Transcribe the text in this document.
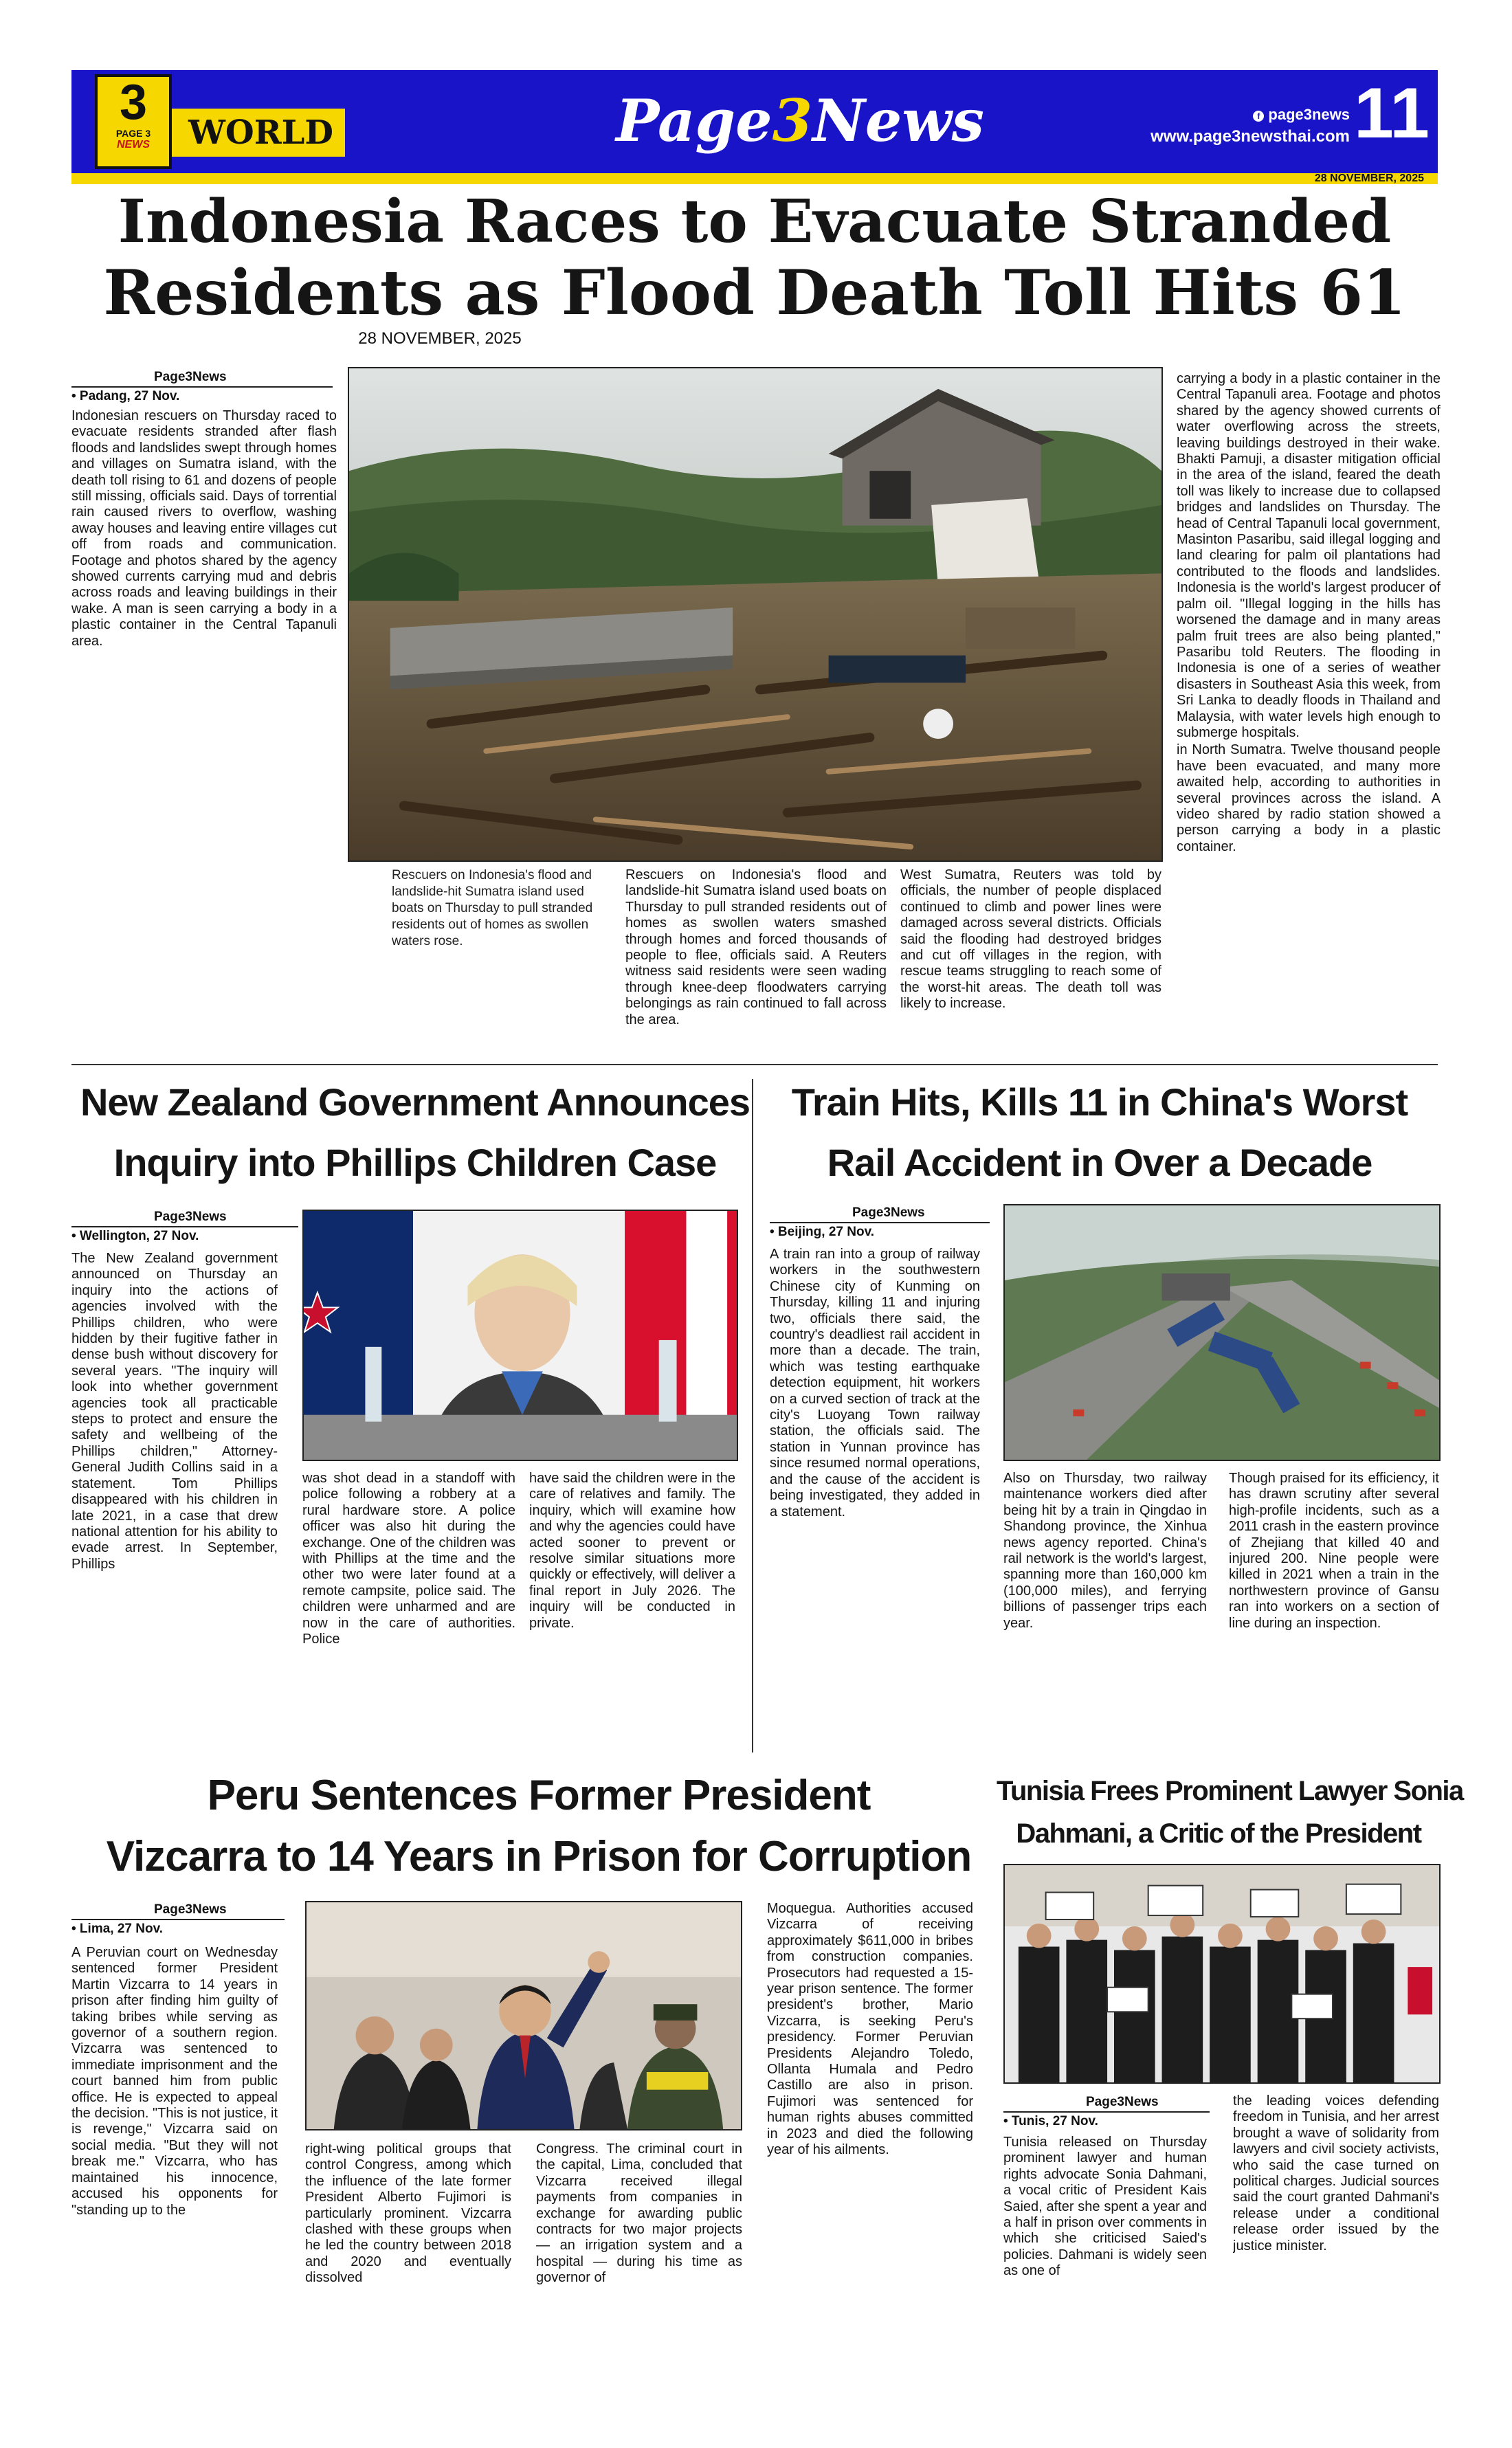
3
PAGE 3
NEWS	WORLD	Page3News	f page3news
www.page3newsthai.com 11
28 NOVEMBER, 2025
Indonesia Races to Evacuate Stranded
Residents as Flood Death Toll Hits 61
28 NOVEMBER, 2025
Page3News
• Padang, 27 Nov.

Indonesian rescuers on Thursday raced to evacuate residents stranded after flash floods and landslides swept through homes and villages on Sumatra island, with the death toll rising to 61 and dozens of people still missing, officials said. Days of torrential rain caused rivers to overflow, washing away houses and leaving entire villages cut off from roads and communication. Footage and photos shared by the agency showed currents carrying mud and debris across roads and leaving buildings in their wake. A man is seen carrying a body in a plastic container in the Central Tapanuli area.

Rescuers on Indonesia's flood and landslide-hit Sumatra island used boats on Thursday to pull stranded residents out of homes as swollen waters rose.

Rescuers on Indonesia's flood and landslide-hit Sumatra island used boats on Thursday to pull stranded residents out of homes as swollen waters smashed through homes and forced thousands of people to flee, officials said. A Reuters witness said residents were seen wading through knee-deep floodwaters carrying belongings as rain continued to fall across the area.

West Sumatra, Reuters was told by officials, the number of people displaced continued to climb and power lines were damaged across several districts. Officials said the flooding had destroyed bridges and cut off villages in the region, with rescue teams struggling to reach some of the worst-hit areas. The death toll was likely to increase.

carrying a body in a plastic container in the Central Tapanuli area. Footage and photos shared by the agency showed currents of water overflowing across the streets, leaving buildings destroyed in their wake. Bhakti Pamuji, a disaster mitigation official in the area of the island, feared the death toll was likely to increase due to collapsed bridges and landslides on Thursday. The head of Central Tapanuli local government, Masinton Pasaribu, said illegal logging and land clearing for palm oil plantations had contributed to the floods and landslides. Indonesia is the world's largest producer of palm oil. "Illegal logging in the hills has worsened the damage and in many areas palm fruit trees are also being planted," Pasaribu told Reuters. The flooding in Indonesia is one of a series of weather disasters in Southeast Asia this week, from Sri Lanka to deadly floods in Thailand and Malaysia, with water levels high enough to submerge hospitals.

in North Sumatra. Twelve thousand people have been evacuated, and many more awaited help, according to authorities in several provinces across the island. A video shared by radio station showed a person carrying a body in a plastic container.

New Zealand Government Announces
Inquiry into Phillips Children Case
Page3News
• Wellington, 27 Nov.

The New Zealand government announced on Thursday an inquiry into the actions of agencies involved with the Phillips children, who were hidden by their fugitive father in dense bush without discovery for several years. "The inquiry will look into whether government agencies took all practicable steps to protect and ensure the safety and wellbeing of the Phillips children," Attorney-General Judith Collins said in a statement. Tom Phillips disappeared with his children in late 2021, in a case that drew national attention for his ability to evade arrest. In September, Phillips

was shot dead in a standoff with police following a robbery at a rural hardware store. A police officer was also hit during the exchange. One of the children was with Phillips at the time and the other two were later found at a remote campsite, police said. The children were unharmed and are now in the care of authorities. Police

have said the children were in the care of relatives and family. The inquiry, which will examine how and why the agencies could have acted sooner to prevent or resolve similar situations more quickly or effectively, will deliver a final report in July 2026. The inquiry will be conducted in private.

Train Hits, Kills 11 in China's Worst
Rail Accident in Over a Decade
Page3News
• Beijing, 27 Nov.

A train ran into a group of railway workers in the southwestern Chinese city of Kunming on Thursday, killing 11 and injuring two, officials there said, the country's deadliest rail accident in more than a decade. The train, which was testing earthquake detection equipment, hit workers on a curved section of track at the city's Luoyang Town railway station, the officials said. The station in Yunnan province has since resumed normal operations, and the cause of the accident is being investigated, they added in a statement.

Also on Thursday, two railway maintenance workers died after being hit by a train in Qingdao in Shandong province, the Xinhua news agency reported. China's rail network is the world's largest, spanning more than 160,000 km (100,000 miles), and ferrying billions of passenger trips each year.

Though praised for its efficiency, it has drawn scrutiny after several high-profile incidents, such as a 2011 crash in the eastern province of Zhejiang that killed 40 and injured 200. Nine people were killed in 2021 when a train in the northwestern province of Gansu ran into workers on a section of line during an inspection.

Peru Sentences Former President
Vizcarra to 14 Years in Prison for Corruption
Page3News
• Lima, 27 Nov.

A Peruvian court on Wednesday sentenced former President Martin Vizcarra to 14 years in prison after finding him guilty of taking bribes while serving as governor of a southern region. Vizcarra was sentenced to immediate imprisonment and the court banned him from public office. He is expected to appeal the decision. "This is not justice, it is revenge," Vizcarra said on social media. "But they will not break me." Vizcarra, who has maintained his innocence, accused his opponents for "standing up to the

right-wing political groups that control Congress, among which the influence of the late former President Alberto Fujimori is particularly prominent. Vizcarra clashed with these groups when he led the country between 2018 and 2020 and eventually dissolved

Congress. The criminal court in the capital, Lima, concluded that Vizcarra received illegal payments from companies in exchange for awarding public contracts for two major projects — an irrigation system and a hospital — during his time as governor of

Moquegua. Authorities accused Vizcarra of receiving approximately $611,000 in bribes from construction companies. Prosecutors had requested a 15-year prison sentence. The former president's brother, Mario Vizcarra, is seeking Peru's presidency. Former Peruvian Presidents Alejandro Toledo, Ollanta Humala and Pedro Castillo are also in prison. Fujimori was sentenced for human rights abuses committed in 2023 and died the following year of his ailments.

Tunisia Frees Prominent Lawyer Sonia
Dahmani, a Critic of the President
Page3News
• Tunis, 27 Nov.

Tunisia released on Thursday prominent lawyer and human rights advocate Sonia Dahmani, a vocal critic of President Kais Saied, after she spent a year and a half in prison over comments in which she criticised Saied's policies. Dahmani is widely seen as one of

the leading voices defending freedom in Tunisia, and her arrest brought a wave of solidarity from lawyers and civil society activists, who said the case turned on political charges. Judicial sources said the court granted Dahmani's release under a conditional release order issued by the justice minister.
